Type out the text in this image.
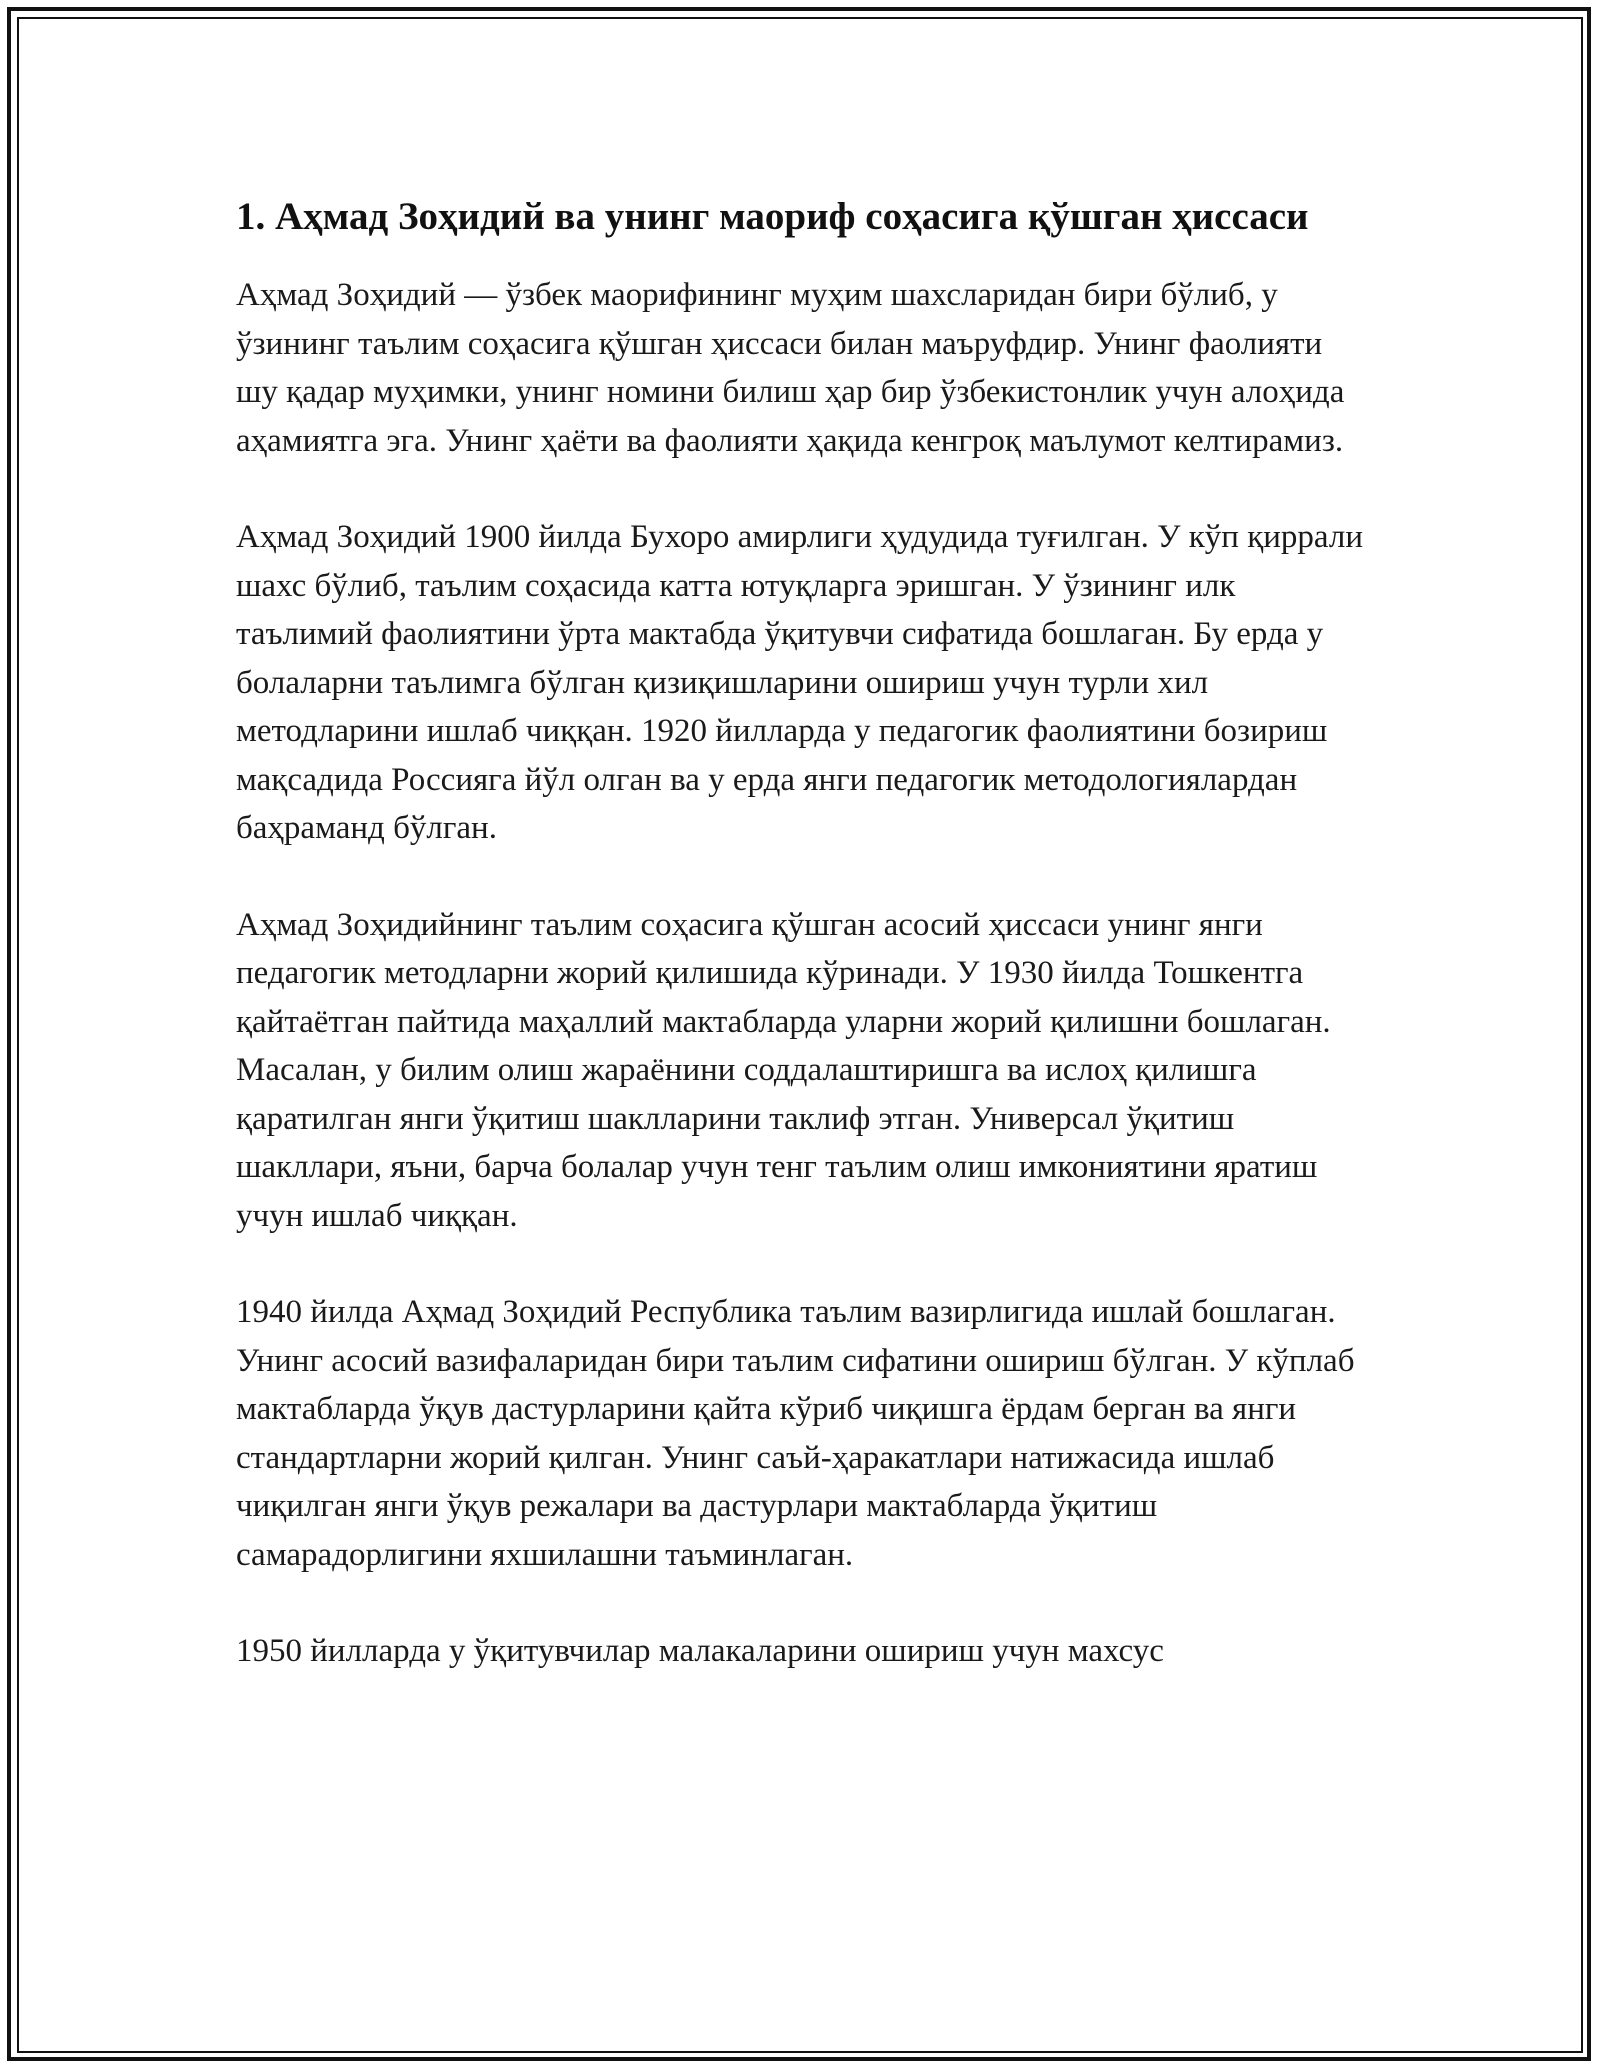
1. Аҳмад Зоҳидий ва унинг маориф соҳасига қўшган ҳиссаси

Аҳмад Зоҳидий — ўзбек маорифининг муҳим шахсларидан бири бўлиб, у ўзининг таълим соҳасига қўшган ҳиссаси билан маъруфдир. Унинг фаолияти шу қадар муҳимки, унинг номини билиш ҳар бир ўзбекистонлик учун алоҳида аҳамиятга эга. Унинг ҳаёти ва фаолияти ҳақида кенгроқ маълумот келтирамиз.

Аҳмад Зоҳидий 1900 йилда Бухоро амирлиги ҳудудида туғилган. У кўп қиррали шахс бўлиб, таълим соҳасида катта ютуқларга эришган. У ўзининг илк таълимий фаолиятини ўрта мактабда ўқитувчи сифатида бошлаган. Бу ерда у болаларни таълимга бўлган қизиқишларини ошириш учун турли хил методларини ишлаб чиққан. 1920 йилларда у педагогик фаолиятини бозириш мақсадида Россияга йўл олган ва у ерда янги педагогик методологиялардан баҳраманд бўлган.

Аҳмад Зоҳидийнинг таълим соҳасига қўшган асосий ҳиссаси унинг янги педагогик методларни жорий қилишида кўринади. У 1930 йилда Тошкентга қайтаётган пайтида маҳаллий мактабларда уларни жорий қилишни бошлаган. Масалан, у билим олиш жараёнини соддалаштиришга ва ислоҳ қилишга қаратилган янги ўқитиш шаклларини таклиф этган. Универсал ўқитиш шакллари, яъни, барча болалар учун тенг таълим олиш имкониятини яратиш учун ишлаб чиққан.

1940 йилда Аҳмад Зоҳидий Республика таълим вазирлигида ишлай бошлаган. Унинг асосий вазифаларидан бири таълим сифатини ошириш бўлган. У кўплаб мактабларда ўқув дастурларини қайта кўриб чиқишга ёрдам берган ва янги стандартларни жорий қилган. Унинг саъй-ҳаракатлари натижасида ишлаб чиқилган янги ўқув режалари ва дастурлари мактабларда ўқитиш самарадорлигини яхшилашни таъминлаган.

1950 йилларда у ўқитувчилар малакаларини ошириш учун махсус
